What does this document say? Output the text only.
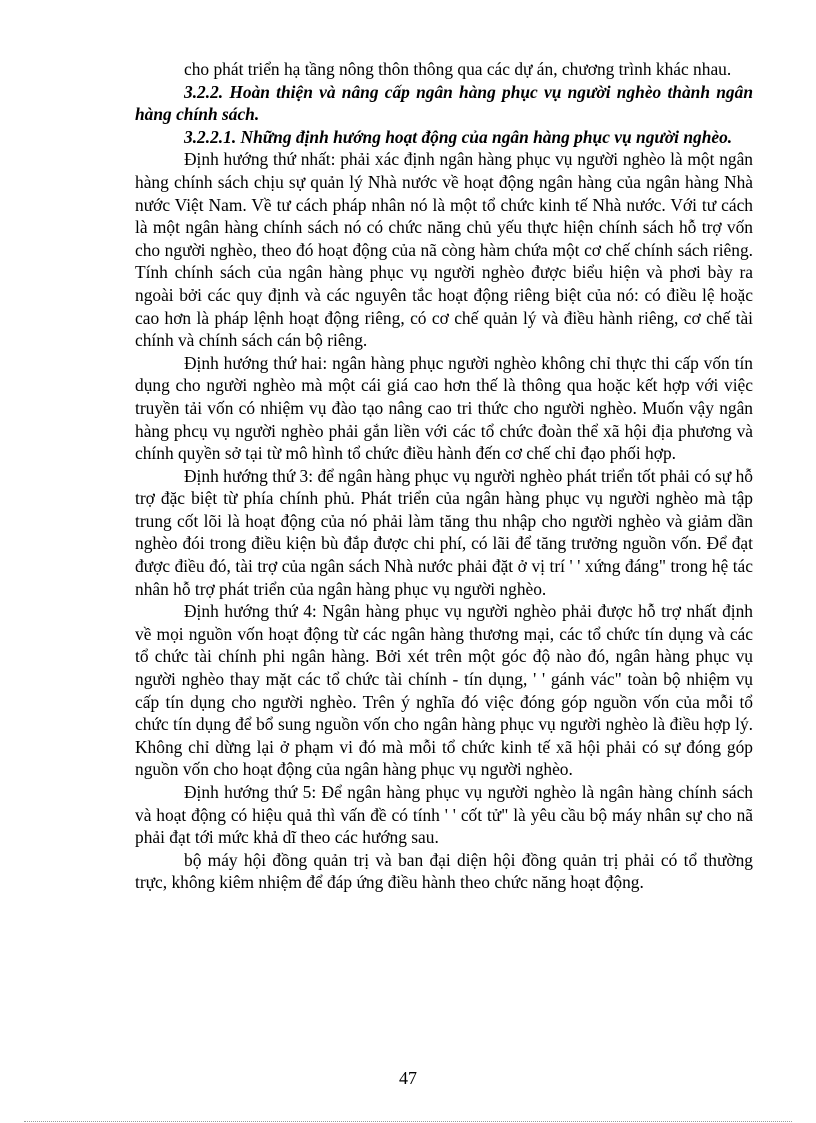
cho phát triển hạ tầng nông thôn thông qua các dự án, chương trình khác nhau.

3.2.2. Hoàn thiện và nâng cấp ngân hàng phục vụ người nghèo thành ngân hàng chính sách.

3.2.2.1. Những định hướng hoạt động của ngân hàng phục vụ người nghèo.

Định hướng thứ nhất: phải xác định ngân hàng phục vụ người nghèo là một ngân hàng chính sách chịu sự quản lý Nhà nước về hoạt động ngân hàng của ngân hàng Nhà nước Việt Nam. Về tư cách pháp nhân nó là một tổ chức kinh tế Nhà nước. Với tư cách là một ngân hàng chính sách nó có chức năng chủ yếu thực hiện chính sách hỗ trợ vốn cho người nghèo, theo đó hoạt động của nã còng hàm chứa một cơ chế chính sách riêng. Tính chính sách của ngân hàng phục vụ người nghèo được biểu hiện và phơi bày ra ngoài bởi các quy định và các nguyên tắc hoạt động riêng biệt của nó: có điều lệ hoặc cao hơn là pháp lệnh hoạt động riêng, có cơ chế quản lý và điều hành riêng, cơ chế tài chính và chính sách cán bộ riêng.

Định hướng thứ hai: ngân hàng phục người nghèo không chỉ thực thi cấp vốn tín dụng cho người nghèo mà một cái giá cao hơn thế là thông qua hoặc kết hợp với việc truyền tải vốn có nhiệm vụ đào tạo nâng cao tri thức cho người nghèo. Muốn vậy ngân hàng phcụ vụ người nghèo phải gắn liền với các tổ chức đoàn thể xã hội địa phương và chính quyền sở tại từ mô hình tổ chức điều hành đến cơ chế chỉ đạo phối hợp.

Định hướng thứ 3: để ngân hàng phục vụ người nghèo phát triển tốt phải có sự hỗ trợ đặc biệt từ phía chính phủ. Phát triển của ngân hàng phục vụ người nghèo mà tập trung cốt lõi là hoạt động của nó phải làm tăng thu nhập cho người nghèo và giảm dần nghèo đói trong điều kiện bù đắp được chi phí, có lãi để tăng trưởng nguồn vốn. Để đạt được điều đó, tài trợ của ngân sách Nhà nước phải đặt ở vị trí ' ' xứng đáng" trong hệ tác nhân hỗ trợ phát triển của ngân hàng phục vụ người nghèo.

Định hướng thứ 4: Ngân hàng phục vụ người nghèo phải được hỗ trợ nhất định về mọi nguồn vốn hoạt động từ các ngân hàng thương mại, các tổ chức tín dụng và các tổ chức tài chính phi ngân hàng. Bởi xét trên một góc độ nào đó, ngân hàng phục vụ người nghèo thay mặt các tổ chức tài chính - tín dụng, ' ' gánh vác" toàn bộ nhiệm vụ cấp tín dụng cho người nghèo. Trên ý nghĩa đó việc đóng góp nguồn vốn của mỗi tổ chức tín dụng để bổ sung nguồn vốn cho ngân hàng phục vụ người nghèo là điều hợp lý. Không chỉ dừng lại ở phạm vi đó mà mỗi tổ chức kinh tế xã hội phải có sự đóng góp nguồn vốn cho hoạt động của ngân hàng phục vụ người nghèo.

Định hướng thứ 5: Để ngân hàng phục vụ người nghèo là ngân hàng chính sách và hoạt động có hiệu quả thì vấn đề có tính ' ' cốt tử" là yêu cầu bộ máy nhân sự cho nã phải đạt tới mức khả dĩ theo các hướng sau.

bộ máy hội đồng quản trị và ban đại diện hội đồng quản trị phải có tổ thường trực, không kiêm nhiệm để đáp ứng điều hành theo chức năng hoạt động.

47
